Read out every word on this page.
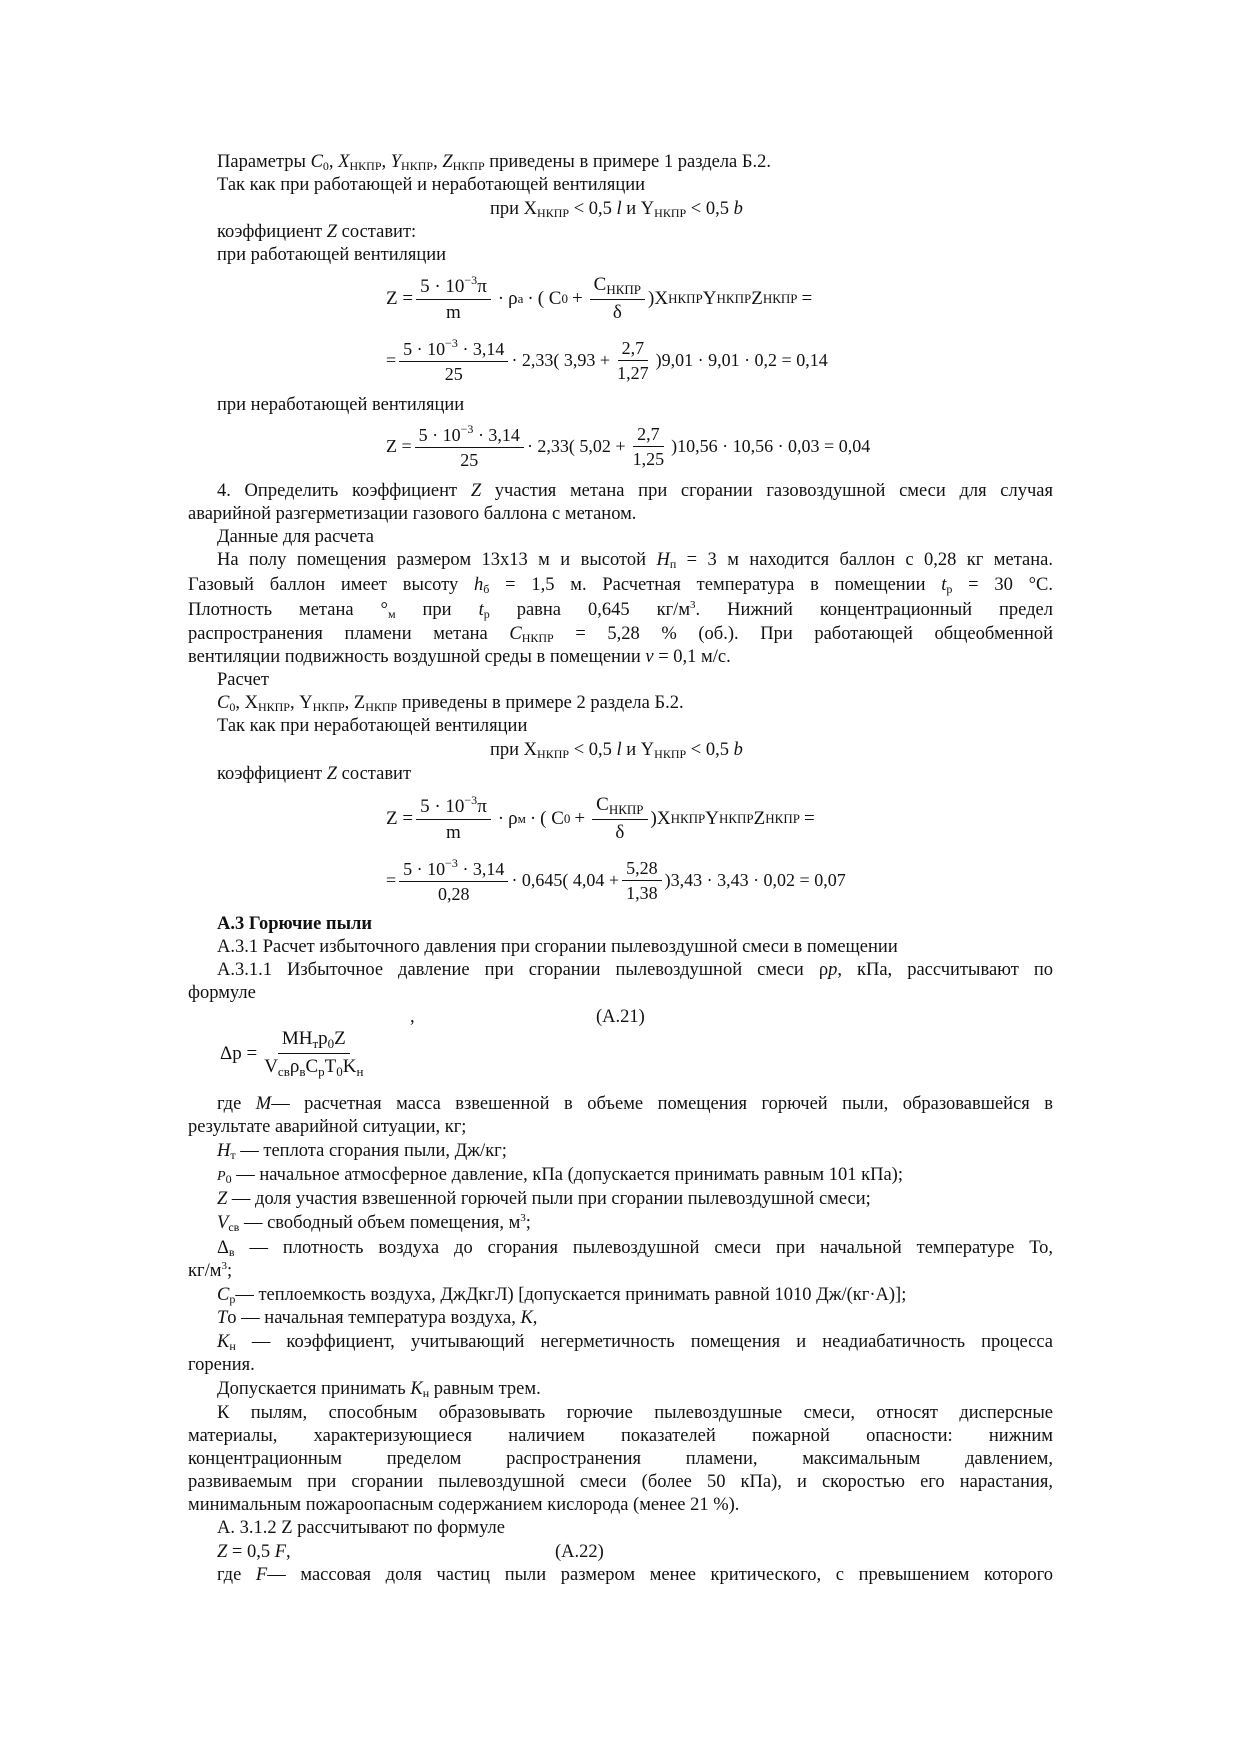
Параметры $C_0$, $X_{НКПР}$, $Y_{НКПР}$, $Z_{НКПР}$ приведены в примере 1 раздела Б.2.
Так как при работающей и неработающей вентиляции
при $X_{НКПР} < 0,5$ l и $Y_{НКПР} < 0,5$ b
коэффициент Z составит:
при работающей вентиляции
$Z = \frac{5 \cdot 10^{-3}\pi}{m} \cdot \rho$ а · ( C $0 + \frac{C_{НКПР}}{\delta} )X$ НКПР Y НКПР Z НКПР =
= $\frac{5 \cdot 10^{-3} \cdot 3,14}{25} \cdot 2,33$( $3,93 + \frac{2,7}{1,27} )9,01 \cdot 9,01 \cdot 0,2 = 0,14$
при неработающей вентиляции
$Z = \frac{5 \cdot 10^{-3} \cdot 3,14}{25} \cdot 2,33$( $5,02 + \frac{2,7}{1,25} )10,56 \cdot 10,56 \cdot 0,03 = 0,04$
4. Определить коэффициент Z участия метана при сгорании газовоздушной смеси для случая
аварийной разгерметизации газового баллона с метаном.
Данные для расчета
На полу помещения размером 13x13 м и высотой $H_п = 3$ м находится баллон с 0,28 кг метана.
Газовый баллон имеет высоту $h_б = 1,5$ м. Расчетная температура в помещении $t_р = 30$ °С.
Плотность метана $^\circ_м$ при $t_р$ равна 0,645 $кг/м^3$. Нижний концентрационный предел
распространения пламени метана $C_{НКПР} = 5,28$ % (об.). При работающей общеобменной
вентиляции подвижность воздушной среды в помещении v = 0,1 м/с.
Расчет
$C_0$, $X_{НКПР}$, $Y_{НКПР}$, $Z_{НКПР}$ приведены в примере 2 раздела Б.2.
Так как при неработающей вентиляции
при $X_{НКПР} < 0,5$ l и $Y_{НКПР} < 0,5$ b
коэффициент Z составит
$Z = \frac{5 \cdot 10^{-3}\pi}{m} \cdot \rho$ м · ( C $0 + \frac{C_{НКПР}}{\delta} )X$ НКПР Y НКПР Z НКПР =
= $\frac{5 \cdot 10^{-3} \cdot 3,14}{0,28} \cdot 0,645$( $4,04 + \frac{5,28}{1,38} )3,43 \cdot 3,43 \cdot 0,02 = 0,07$
А.3 Горючие пыли
А.3.1 Расчет избыточного давления при сгорании пылевоздушной смеси в помещении
А.3.1.1 Избыточное давление при сгорании пылевоздушной смеси ρp, кПа, рассчитывают по
формуле
,	(А.21)
$\Delta p = \frac{MH_тp_0Z}{V_{св}\rho_вC_pT_0K_н}$
где M— расчетная масса взвешенной в объеме помещения горючей пыли, образовавшейся в
результате аварийной ситуации, кг;
$H_т$ — теплота сгорания пыли, Дж/кг;
$P_0$ — начальное атмосферное давление, кПа (допускается принимать равным 101 кПа);
Z — доля участия взвешенной горючей пыли при сгорании пылевоздушной смеси;
$V_{св}$ — свободный объем помещения, $м^3$;
$\Delta_в$ — плотность воздуха до сгорания пылевоздушной смеси при начальной температуре То,
$кг/м^3$;
$C_р—$ теплоемкость воздуха, ДжДкг⁯Л) [допускается принимать равной 1010 Дж/(кг·А)];
Tо — начальная температура воздуха, К,
$K_н$ — коэффициент, учитывающий негерметичность помещения и неадиабатичность процесса
горения.
Допускается принимать $K_н$ равным трем.
К пылям, способным образовывать горючие пылевоздушные смеси, относят дисперсные
материалы, характеризующиеся наличием показателей пожарной опасности: нижним
концентрационным пределом распространения пламени, максимальным давлением,
развиваемым при сгорании пылевоздушной смеси (более 50 кПа), и скоростью его нарастания,
минимальным пожароопасным содержанием кислорода (менее 21 %).
А. 3.1.2 Z рассчитывают по формуле
Z = 0,5 F,	(А.22)
где F— массовая доля частиц пыли размером менее критического, с превышением которого
